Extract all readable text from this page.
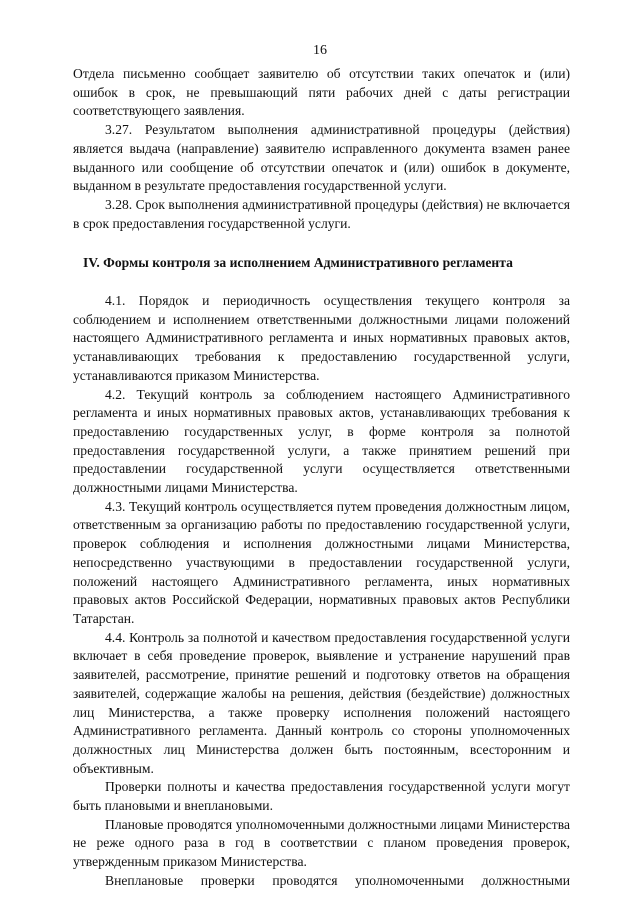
16

Отдела письменно сообщает заявителю об отсутствии таких опечаток и (или) ошибок в срок, не превышающий пяти рабочих дней с даты регистрации соответствующего заявления.

3.27. Результатом выполнения административной процедуры (действия) является выдача (направление) заявителю исправленного документа взамен ранее выданного или сообщение об отсутствии опечаток и (или) ошибок в документе, выданном в результате предоставления государственной услуги.

3.28. Срок выполнения административной процедуры (действия) не включается в срок предоставления государственной услуги.

IV. Формы контроля за исполнением Административного регламента

4.1. Порядок и периодичность осуществления текущего контроля за соблюдением и исполнением ответственными должностными лицами положений настоящего Административного регламента и иных нормативных правовых актов, устанавливающих требования к предоставлению государственной услуги, устанавливаются приказом Министерства.

4.2. Текущий контроль за соблюдением настоящего Административного регламента и иных нормативных правовых актов, устанавливающих требования к предоставлению государственных услуг, в форме контроля за полнотой предоставления государственной услуги, а также принятием решений при предоставлении государственной услуги осуществляется ответственными должностными лицами Министерства.

4.3. Текущий контроль осуществляется путем проведения должностным лицом, ответственным за организацию работы по предоставлению государственной услуги, проверок соблюдения и исполнения должностными лицами Министерства, непосредственно участвующими в предоставлении государственной услуги, положений настоящего Административного регламента, иных нормативных правовых актов Российской Федерации, нормативных правовых актов Республики Татарстан.

4.4. Контроль за полнотой и качеством предоставления государственной услуги включает в себя проведение проверок, выявление и устранение нарушений прав заявителей, рассмотрение, принятие решений и подготовку ответов на обращения заявителей, содержащие жалобы на решения, действия (бездействие) должностных лиц Министерства, а также проверку исполнения положений настоящего Административного регламента. Данный контроль со стороны уполномоченных должностных лиц Министерства должен быть постоянным, всесторонним и объективным.

Проверки полноты и качества предоставления государственной услуги могут быть плановыми и внеплановыми.

Плановые проводятся уполномоченными должностными лицами Министерства не реже одного раза в год в соответствии с планом проведения проверок, утвержденным приказом Министерства.

Внеплановые проверки проводятся уполномоченными должностными
